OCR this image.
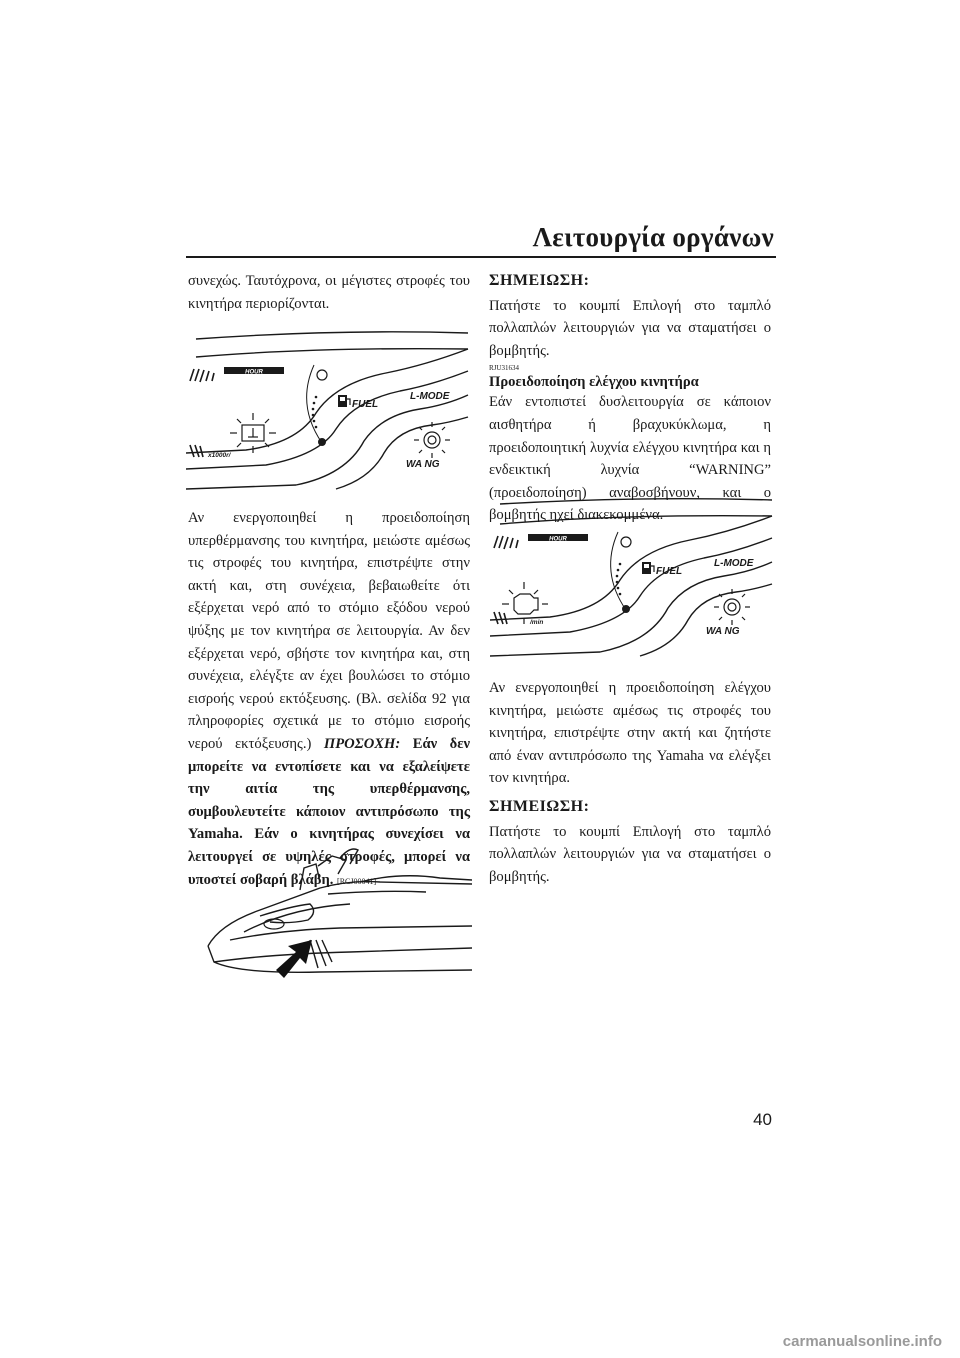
Λειτουργία οργάνων

συνεχώς. Ταυτόχρονα, οι μέγιστες στροφές του κινητήρα περιορίζονται.

HOUR
FUEL
L-MODE
WA NG
x1000r/

Αν ενεργοποιηθεί η προειδοποίηση υπερθέρμανσης του κινητήρα, μειώστε αμέσως τις στροφές του κινητήρα, επιστρέψτε στην ακτή και, στη συνέχεια, βεβαιωθείτε ότι εξέρχεται νερό από το στόμιο εξόδου νερού ψύξης με τον κινητήρα σε λειτουργία. Αν δεν εξέρχεται νερό, σβήστε τον κινητήρα και, στη συνέχεια, ελέγξτε αν έχει βουλώσει το στόμιο εισροής νερού εκτόξευσης. (Βλ. σελίδα 92 για πληροφορίες σχετικά με το στόμιο εισροής νερού εκτόξευσης.) ΠΡΟΣΟΧΗ: Εάν δεν μπορείτε να εντοπίσετε και να εξαλείψετε την αιτία της υπερθέρμανσης, συμβουλευτείτε κάποιον αντιπρόσωπο της Yamaha. Εάν ο κινητήρας συνεχίσει να λειτουργεί σε υψηλές στροφές, μπορεί να υποστεί σοβαρή βλάβη. [RCJ00041]

ΣΗΜΕΙΩΣΗ:

Πατήστε το κουμπί Επιλογή στο ταμπλό πολλαπλών λειτουργιών για να σταματήσει ο βομβητής.

RJU31634
Προειδοποίηση ελέγχου κινητήρα

Εάν εντοπιστεί δυσλειτουργία σε κάποιον αισθητήρα ή βραχυκύκλωμα, η προειδοποιητική λυχνία ελέγχου κινητήρα και η ενδεικτική λυχνία “WARNING” (προειδοποίηση) αναβοσβήνουν, και ο βομβητής ηχεί διακεκομμένα.

HOUR
FUEL
L-MODE
WA NG
/min

Αν ενεργοποιηθεί η προειδοποίηση ελέγχου κινητήρα, μειώστε αμέσως τις στροφές του κινητήρα, επιστρέψτε στην ακτή και ζητήστε από έναν αντιπρόσωπο της Yamaha να ελέγξει τον κινητήρα.

ΣΗΜΕΙΩΣΗ:

Πατήστε το κουμπί Επιλογή στο ταμπλό πολλαπλών λειτουργιών για να σταματήσει ο βομβητής.

40
carmanualsonline.info
